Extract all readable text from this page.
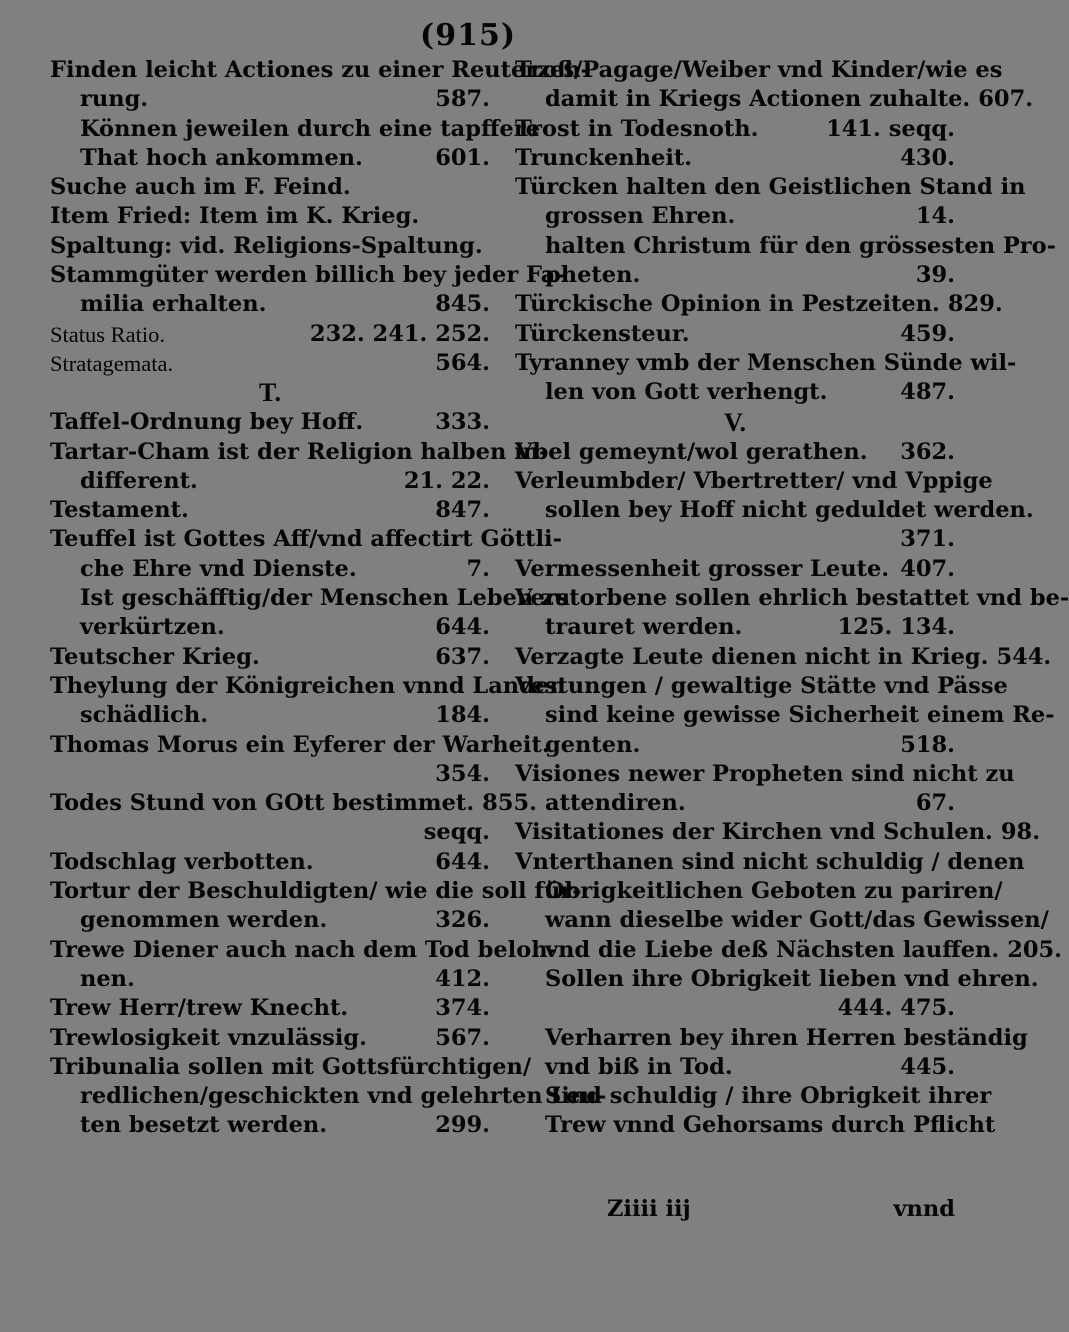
(915)
Finden leicht Actiones zu einer Reuterzeh-
rung.	587.
Können jeweilen durch eine tapffere
That hoch ankommen.	601.
Suche auch im F. Feind.
Item Fried: Item im K. Krieg.
Spaltung: vid. Religions-Spaltung.
Stammgüter werden billich bey jeder Fa-
milia erhalten.	845.
Status Ratio.	232. 241. 252.
Stratagemata.	564.
T.
Taffel-Ordnung bey Hoff.	333.
Tartar-Cham ist der Religion halben in-
different.	21. 22.
Testament.	847.
Teuffel ist Gottes Aff/vnd affectirt Göttli-
che Ehre vnd Dienste.	7.
Ist geschäfftig/der Menschen Leben zu
verkürtzen.	644.
Teutscher Krieg.	637.
Theylung der Königreichen vnnd Landen
schädlich.	184.
Thomas Morus ein Eyferer der Warheit.
354.
Todes Stund von GOtt bestimmet. 855.
seqq.
Todschlag verbotten.	644.
Tortur der Beschuldigten/ wie die soll für-
genommen werden.	326.
Trewe Diener auch nach dem Tod beloh-
nen.	412.
Trew Herr/trew Knecht.	374.
Trewlosigkeit vnzulässig.	567.
Tribunalia sollen mit Gottsfürchtigen/
redlichen/geschickten vnd gelehrten Leu-
ten besetzt werden.	299.
Troß/Pagage/Weiber vnd Kinder/wie es
damit in Kriegs Actionen zuhalte. 607.
Trost in Todesnoth.	141. seqq.
Trunckenheit.	430.
Türcken halten den Geistlichen Stand in
grossen Ehren.	14.
halten Christum für den grössesten Pro-
pheten.	39.
Türckische Opinion in Pestzeiten. 829.
Türckensteur.	459.
Tyranney vmb der Menschen Sünde wil-
len von Gott verhengt.	487.
V.
Vbel gemeynt/wol gerathen. 362.
Verleumbder/ Vbertretter/ vnd Vppige
sollen bey Hoff nicht geduldet werden.
371.
Vermessenheit grosser Leute. 407.
Verstorbene sollen ehrlich bestattet vnd be-
trauret werden.	125. 134.
Verzagte Leute dienen nicht in Krieg. 544.
Vestungen / gewaltige Stätte vnd Pässe
sind keine gewisse Sicherheit einem Re-
genten.	518.
Visiones newer Propheten sind nicht zu
attendiren.	67.
Visitationes der Kirchen vnd Schulen. 98.
Vnterthanen sind nicht schuldig / denen
Obrigkeitlichen Geboten zu pariren/
wann dieselbe wider Gott/das Gewissen/
vnd die Liebe deß Nächsten lauffen. 205.
Sollen ihre Obrigkeit lieben vnd ehren.
444. 475.
Verharren bey ihren Herren beständig
vnd biß in Tod.	445.
Sind schuldig / ihre Obrigkeit ihrer
Trew vnnd Gehorsams durch Pflicht
Ziiii iij	vnnd
